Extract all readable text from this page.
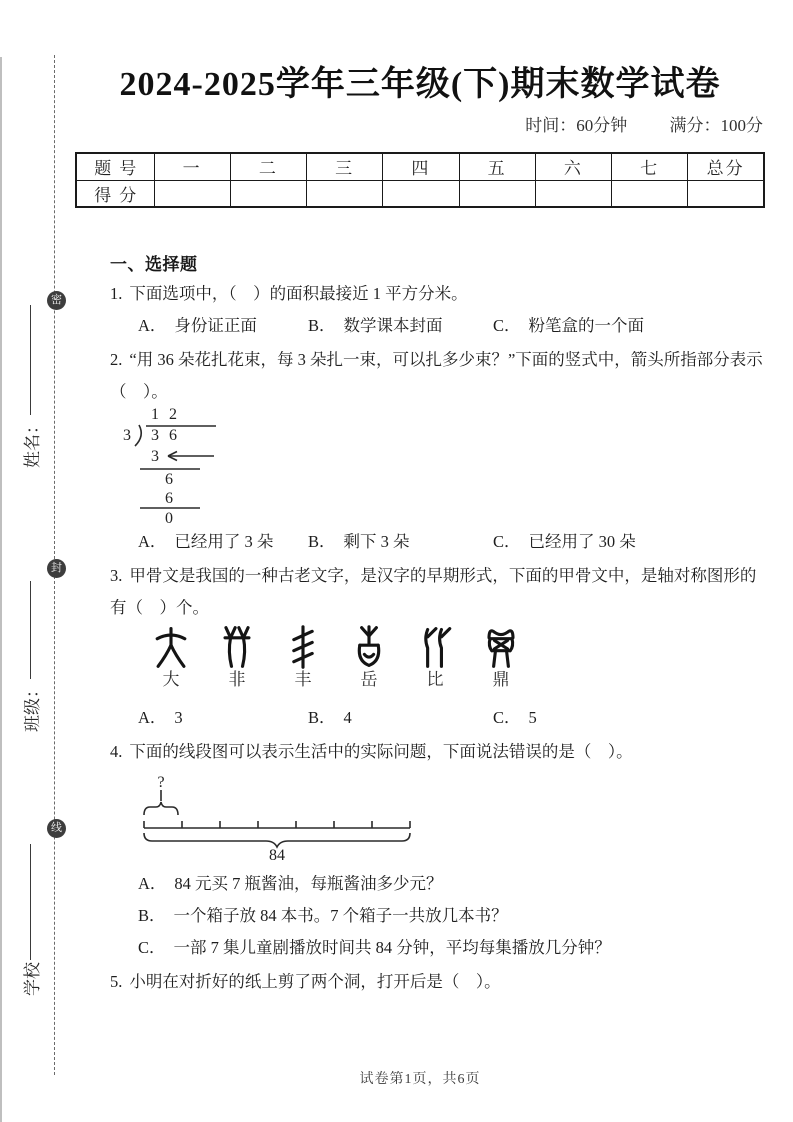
密
封
线
姓名：
班级：
学校
2024-2025学年三年级(下)期末数学试卷
时间：60分钟 满分：100分
题号	一	二	三	四	五	六	七	总分
得分								
一、选择题

1. 下面选项中，（　）的面积最接近 1 平方分米。

A． 身份证正面	B． 数学课本封面	C． 粉笔盒的一个面

2. “用 36 朵花扎花束，每 3 朵扎一束，可以扎多少束？”下面的竖式中，箭头所指部分表示（　）。

1 2
3 3 6
3
6
6
0
A． 已经用了 3 朵	B． 剩下 3 朵	C． 已经用了 30 朵

3. 甲骨文是我国的一种古老文字，是汉字的早期形式，下面的甲骨文中，是轴对称图形的有（　）个。

大	非	丰	岳	比	鼎
A． 3	B． 4	C． 5

4. 下面的线段图可以表示生活中的实际问题，下面说法错误的是（　）。

?
84
A． 84 元买 7 瓶酱油，每瓶酱油多少元？
B． 一个箱子放 84 本书。7 个箱子一共放几本书？
C． 一部 7 集儿童剧播放时间共 84 分钟，平均每集播放几分钟？

5. 小明在对折好的纸上剪了两个洞，打开后是（　）。

试卷第1页，共6页
